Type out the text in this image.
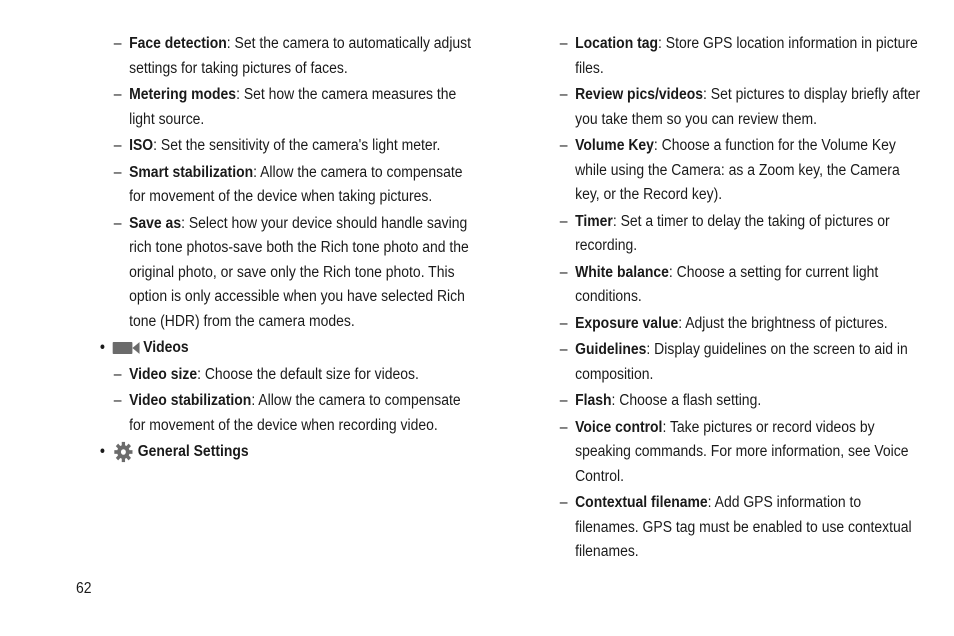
– Face detection: Set the camera to automatically adjust settings for taking pictures of faces.
– Metering modes: Set how the camera measures the light source.
– ISO: Set the sensitivity of the camera's light meter.
– Smart stabilization: Allow the camera to compensate for movement of the device when taking pictures.
– Save as: Select how your device should handle saving rich tone photos-save both the Rich tone photo and the original photo, or save only the Rich tone photo. This option is only accessible when you have selected Rich tone (HDR) from the camera modes.
•	Videos
– Video size: Choose the default size for videos.
– Video stabilization: Allow the camera to compensate for movement of the device when recording video.
•	General Settings
– Location tag: Store GPS location information in picture files.
– Review pics/videos: Set pictures to display briefly after you take them so you can review them.
– Volume Key: Choose a function for the Volume Key while using the Camera: as a Zoom key, the Camera key, or the Record key).
– Timer: Set a timer to delay the taking of pictures or recording.
– White balance: Choose a setting for current light conditions.
– Exposure value: Adjust the brightness of pictures.
– Guidelines: Display guidelines on the screen to aid in composition.
– Flash: Choose a flash setting.
– Voice control: Take pictures or record videos by speaking commands. For more information, see Voice Control.
– Contextual filename: Add GPS information to filenames. GPS tag must be enabled to use contextual filenames.
62
